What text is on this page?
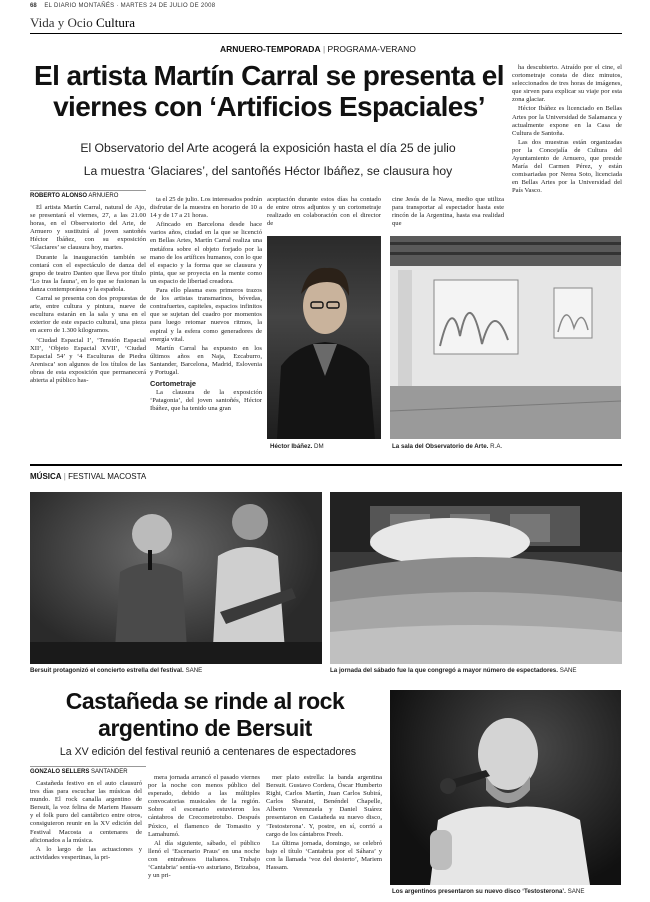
68 EL DIARIO MONTAÑÉS · MARTES 24 DE JULIO DE 2008
Vida y Ocio Cultura
ARNUERO-TEMPORADA | PROGRAMA-VERANO
El artista Martín Carral se presenta el viernes con ‘Artificios Espaciales’
El Observatorio del Arte acogerá la exposición hasta el día 25 de julio
La muestra ‘Glaciares’, del santoñés Héctor Ibáñez, se clausura hoy
ROBERTO ALONSO ARNUERO

El artista Martín Carral, natural de Ajo, se presentará el viernes, 27, a las 21.00 horas, en el Observatorio del Arte, de Arnuero y sustituirá al joven santoñés Héctor Ibáñez, con su exposición ‘Glaciares’ se clausura hoy, martes.

Durante la inauguración también se contará con el espectáculo de danza del grupo de teatro Danteo que lleva por título ‘Lo tras la fauna’, en lo que se fusionan la danza contemporánea y la española.

Carral se presenta con dos propuestas de arte, entre cultura y pintura, nueve de escultura estarán en la sala y una en el exterior de este espacio cultural, una pieza en acero de 1.300 kilogramos.

‘Ciudad Espacial I’, ‘Tensión Espacial XII’, ‘Objeto Espacial XVII’, ‘Ciudad Espacial 54’ y ‘4 Esculturas de Piedra Arenisca’ son algunos de los títulos de las obras de esta exposición que permanecerá abierta al público has-

ta el 25 de julio. Los interesados podrán disfrutar de la muestra en horario de 10 a 14 y de 17 a 21 horas.

Afincado en Barcelona desde hace varios años, ciudad en la que se licenció en Bellas Artes, Martín Carral realiza una metáfora sobre el objeto forjado por la mano de los artífices humanos, con lo que el espacio y la forma que se clausura y pinta, que se proyecta en la mente como un espacio de libertad creadora.

Para ello plasma esos primeros trazos de los artistas transmarinos, bóvedas, contrafuertes, capiteles, espacios infinitos que se sujetan del cuadro por momentos para luego retomar nuevos ritmos, la espiral y la esfera como generadores de energía vital.

Martín Carral ha expuesto en los últimos años en Naja, Ezcaburro, Santander, Barcelona, Madrid, Eslovenia y Portugal.

Cortometraje

La clausura de la exposición ‘Patagonia’, del joven santoñés, Héctor Ibáñez, que ha tenido una gran

aceptación durante estos días ha contado de entre otros adjuntos y un cortometraje realizado en colaboración con el director de
cine Jesús de la Nava, medio que utiliza para transportar al espectador hasta este rincón de la Argentina, hasta esa realidad que
Héctor Ibáñez. DM	La sala del Observatorio de Arte. R.A.

ha descubierto. Atraído por el cine, el cortometraje consta de diez minutos, seleccionados de tres horas de imágenes, que sirven para explicar su viaje por esta zona glaciar.

Héctor Ibáñez es licenciado en Bellas Artes por la Universidad de Salamanca y actualmente expone en la Casa de Cultura de Santoña.

Las dos muestras están organizadas por la Concejalía de Cultura del Ayuntamiento de Arnuero, que preside María del Carmen Pérez, y están comisariadas por Nerea Soto, licenciada en Bellas Artes por la Universidad del País Vasco.

MÚSICA | FESTIVAL MACOSTA
Bersuit protagonizó el concierto estrella del festival. SANE	La jornada del sábado fue la que congregó a mayor número de espectadores. SANE
Castañeda se rinde al rock argentino de Bersuit
La XV edición del festival reunió a centenares de espectadores
GONZALO SELLERS SANTANDER

Castañeda festivo en el auto clausuró tres días para escuchar las músicas del mundo. El rock canalla argentino de Bersuit, la voz felina de Mariem Hassam y el folk puro del cantábrico entre otros, consiguieron reunir en la XV edición del Festival Macosta a centenares de aficionados a la música.

A lo largo de las actuaciones y actividades vespertinas, la pri-

mera jornada arrancó el pasado viernes por la noche con menos público del esperado, debido a las múltiples convocatorias musicales de la región. Sobre el escenario estuvieron los cántabros de Crecometrotubo. Después Púxico, el flamenco de Tomasito y Lamahumó.

Al día siguiente, sábado, el público llenó el ‘Escenario Praus’ en una noche con entrañosos italianos. Trabajo ‘Cantabria’ sentía-vo asturiano, Brizaboa, y un pri-

mer plato estrella: la banda argentina Bersuit. Gustavo Cordera, Óscar Humberto Righi, Carlos Martín, Juan Carlos Subirá, Carlos Sbaraini, Benéndel Chapelle, Alberto Verenzuela y Daniel Suárez presentaron en Castañeda su nuevo disco, ‘Testosterona’. Y, postre, en sí, corrió a cargo de los cántabros Freeh.

La última jornada, domingo, se celebró bajo el título ‘Cantabria por el Sáhara’ y con la llamada ‘voz del desierto’, Mariem Hassam.

Los argentinos presentaron su nuevo disco ‘Testosterona’. SANE
